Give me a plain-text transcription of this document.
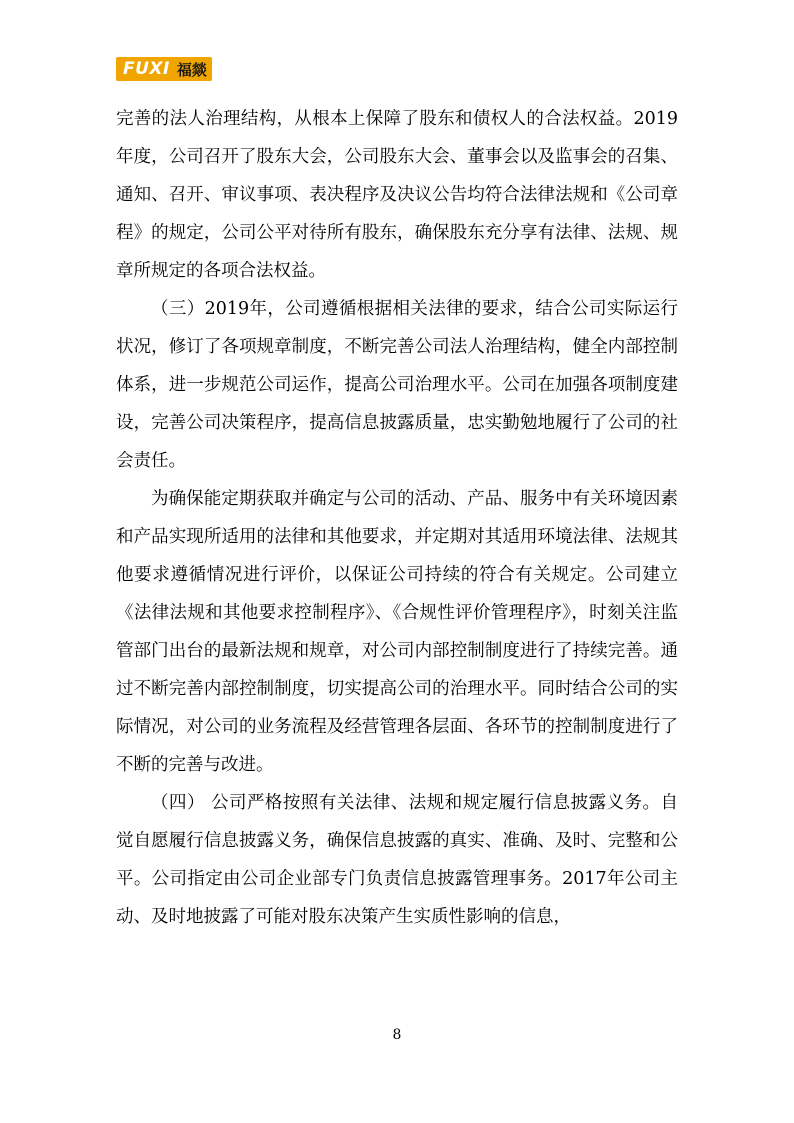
FUXI 福燚

完善的法人治理结构，从根本上保障了股东和债权人的合法权益。2019年度，公司召开了股东大会，公司股东大会、董事会以及监事会的召集、通知、召开、审议事项、表决程序及决议公告均符合法律法规和《公司章程》的规定，公司公平对待所有股东，确保股东充分享有法律、法规、规章所规定的各项合法权益。

（三）2019年，公司遵循根据相关法律的要求，结合公司实际运行状况，修订了各项规章制度，不断完善公司法人治理结构，健全内部控制体系，进一步规范公司运作，提高公司治理水平。公司在加强各项制度建设，完善公司决策程序，提高信息披露质量，忠实勤勉地履行了公司的社会责任。

为确保能定期获取并确定与公司的活动、产品、服务中有关环境因素和产品实现所适用的法律和其他要求，并定期对其适用环境法律、法规其他要求遵循情况进行评价，以保证公司持续的符合有关规定。公司建立《法律法规和其他要求控制程序》、《合规性评价管理程序》，时刻关注监管部门出台的最新法规和规章，对公司内部控制制度进行了持续完善。通过不断完善内部控制制度，切实提高公司的治理水平。同时结合公司的实际情况，对公司的业务流程及经营管理各层面、各环节的控制制度进行了不断的完善与改进。

（四） 公司严格按照有关法律、法规和规定履行信息披露义务。自觉自愿履行信息披露义务，确保信息披露的真实、准确、及时、完整和公平。公司指定由公司企业部专门负责信息披露管理事务。2017年公司主动、及时地披露了可能对股东决策产生实质性影响的信息，

8
